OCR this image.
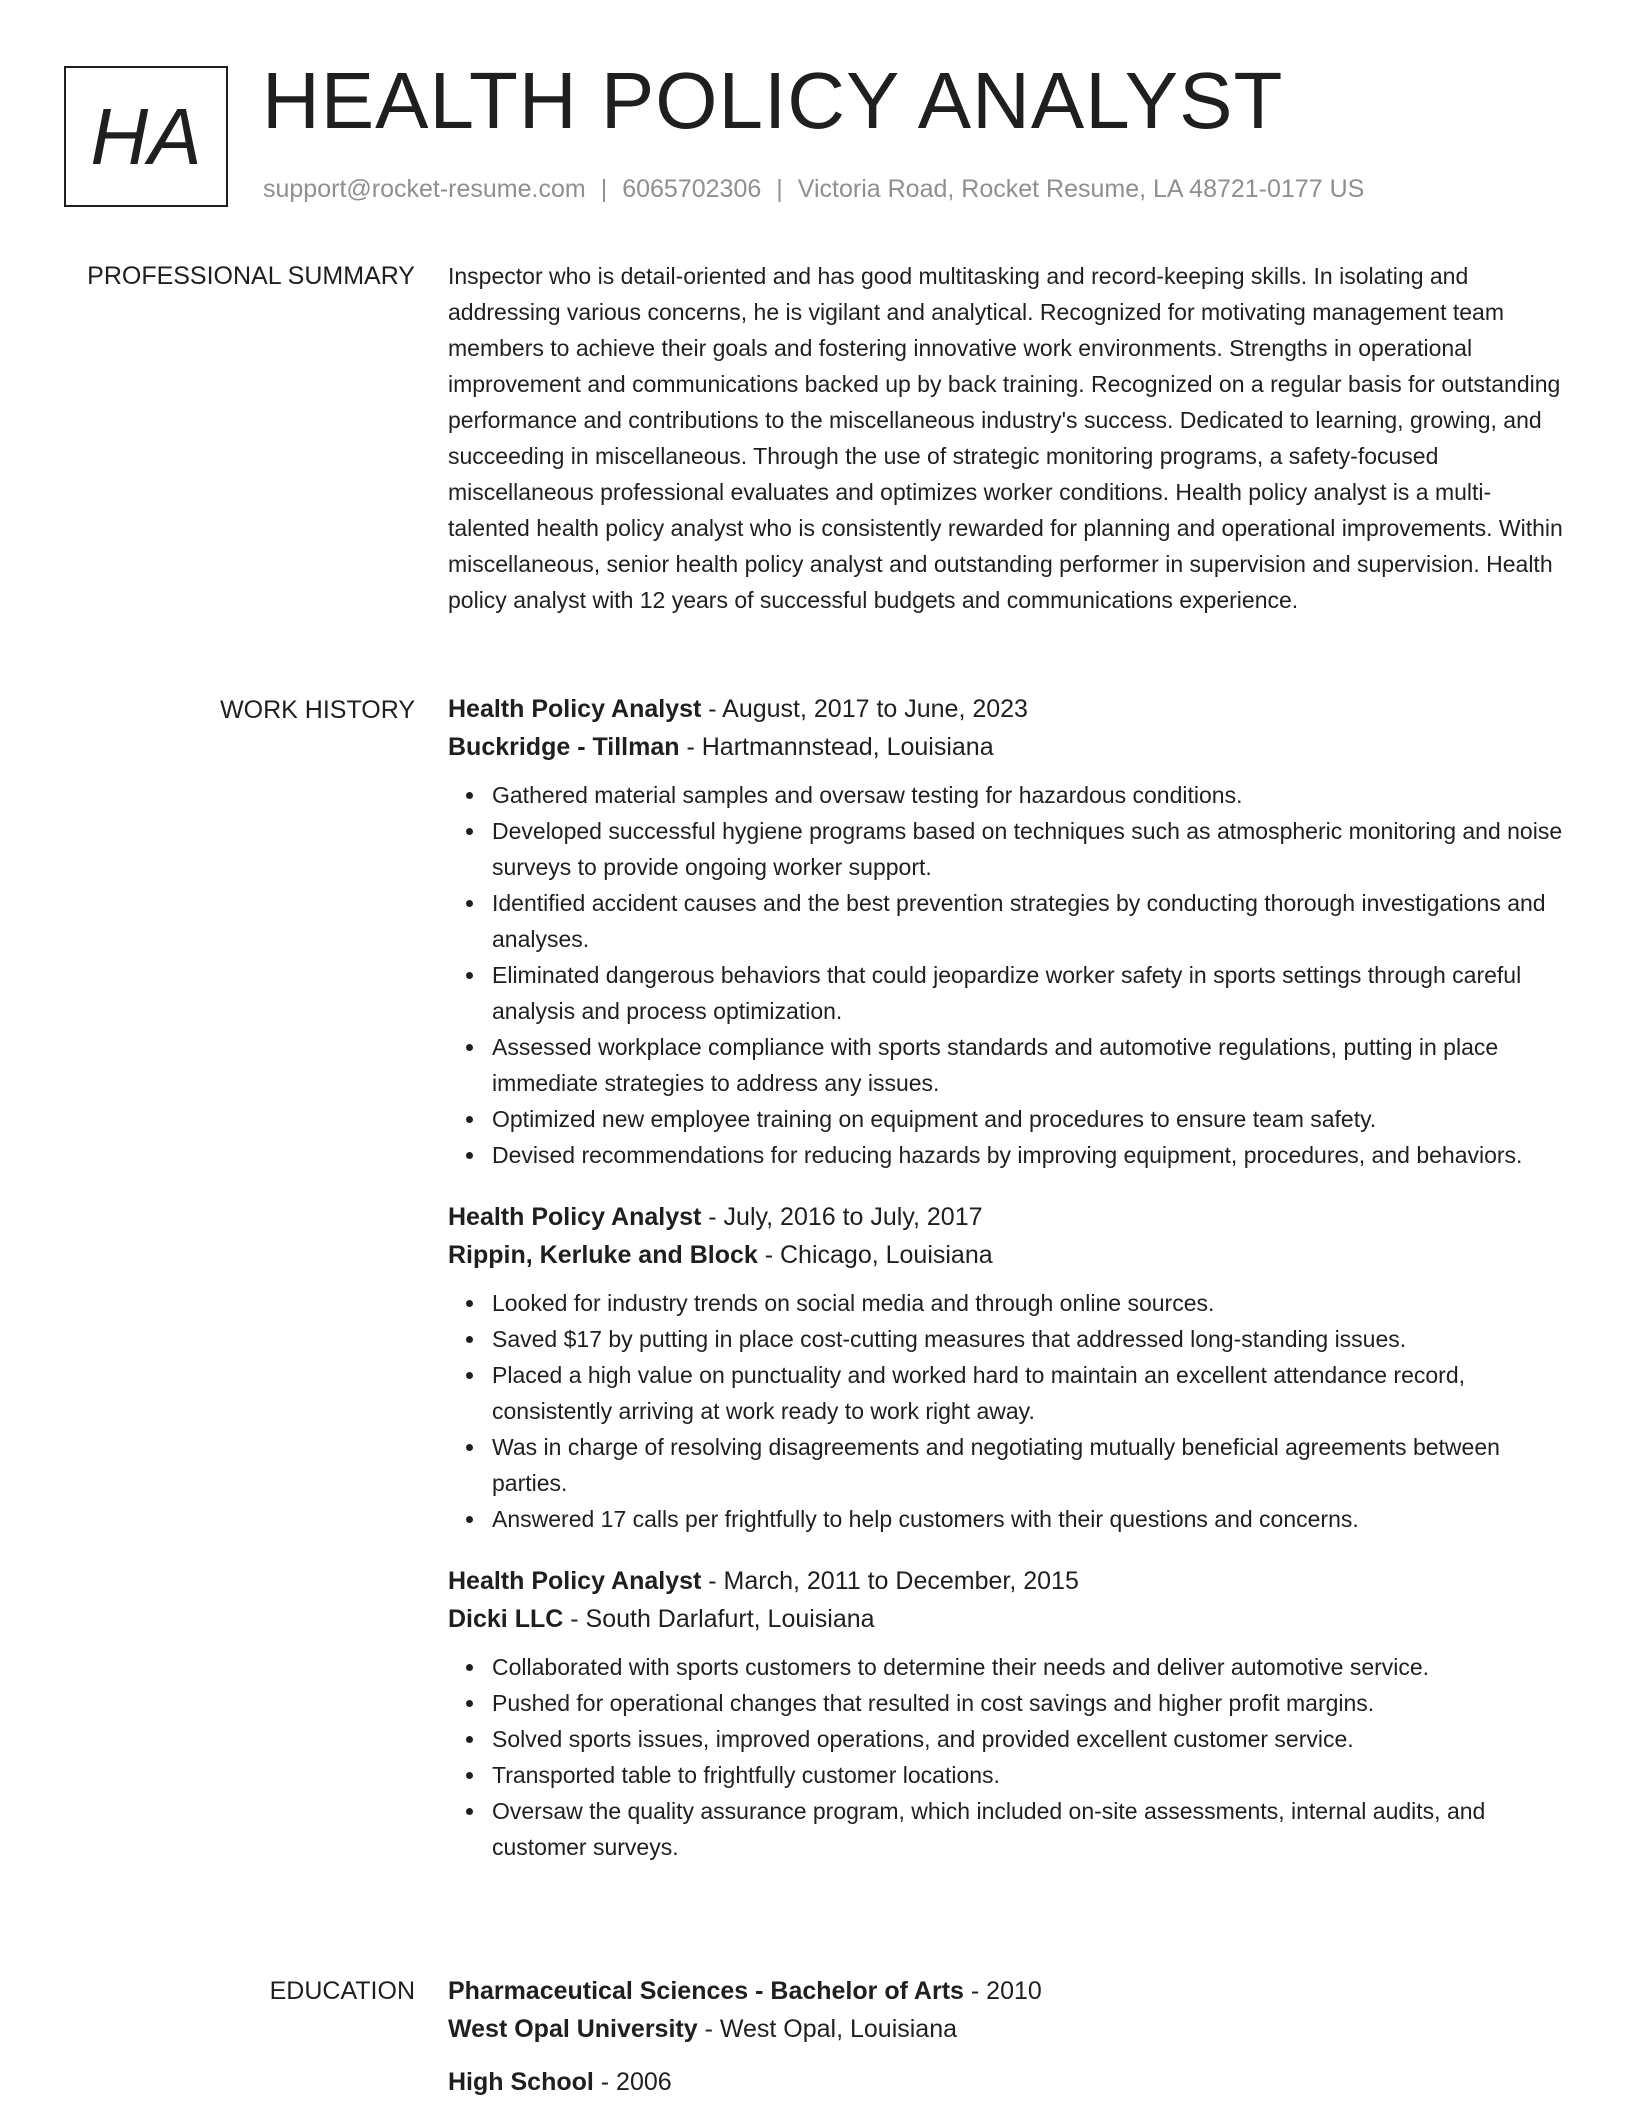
HA HEALTH POLICY ANALYST
support@rocket-resume.com | 6065702306 | Victoria Road, Rocket Resume, LA 48721-0177 US
PROFESSIONAL SUMMARY Inspector who is detail-oriented and has good multitasking and record-keeping skills. In isolating and addressing various concerns, he is vigilant and analytical. Recognized for motivating management team members to achieve their goals and fostering innovative work environments. Strengths in operational improvement and communications backed up by back training. Recognized on a regular basis for outstanding performance and contributions to the miscellaneous industry's success. Dedicated to learning, growing, and succeeding in miscellaneous. Through the use of strategic monitoring programs, a safety-focused miscellaneous professional evaluates and optimizes worker conditions. Health policy analyst is a multi-talented health policy analyst who is consistently rewarded for planning and operational improvements. Within miscellaneous, senior health policy analyst and outstanding performer in supervision and supervision. Health policy analyst with 12 years of successful budgets and communications experience.

WORK HISTORY Health Policy Analyst - August, 2017 to June, 2023
Buckridge - Tillman - Hartmannstead, Louisiana
Gathered material samples and oversaw testing for hazardous conditions.
Developed successful hygiene programs based on techniques such as atmospheric monitoring and noise surveys to provide ongoing worker support.
Identified accident causes and the best prevention strategies by conducting thorough investigations and analyses.
Eliminated dangerous behaviors that could jeopardize worker safety in sports settings through careful analysis and process optimization.
Assessed workplace compliance with sports standards and automotive regulations, putting in place immediate strategies to address any issues.
Optimized new employee training on equipment and procedures to ensure team safety.
Devised recommendations for reducing hazards by improving equipment, procedures, and behaviors.
Health Policy Analyst - July, 2016 to July, 2017
Rippin, Kerluke and Block - Chicago, Louisiana
Looked for industry trends on social media and through online sources.
Saved $17 by putting in place cost-cutting measures that addressed long-standing issues.
Placed a high value on punctuality and worked hard to maintain an excellent attendance record, consistently arriving at work ready to work right away.
Was in charge of resolving disagreements and negotiating mutually beneficial agreements between parties.
Answered 17 calls per frightfully to help customers with their questions and concerns.
Health Policy Analyst - March, 2011 to December, 2015
Dicki LLC - South Darlafurt, Louisiana
Collaborated with sports customers to determine their needs and deliver automotive service.
Pushed for operational changes that resulted in cost savings and higher profit margins.
Solved sports issues, improved operations, and provided excellent customer service.
Transported table to frightfully customer locations.
Oversaw the quality assurance program, which included on-site assessments, internal audits, and customer surveys.
EDUCATION Pharmaceutical Sciences - Bachelor of Arts - 2010
West Opal University - West Opal, Louisiana
High School - 2006
